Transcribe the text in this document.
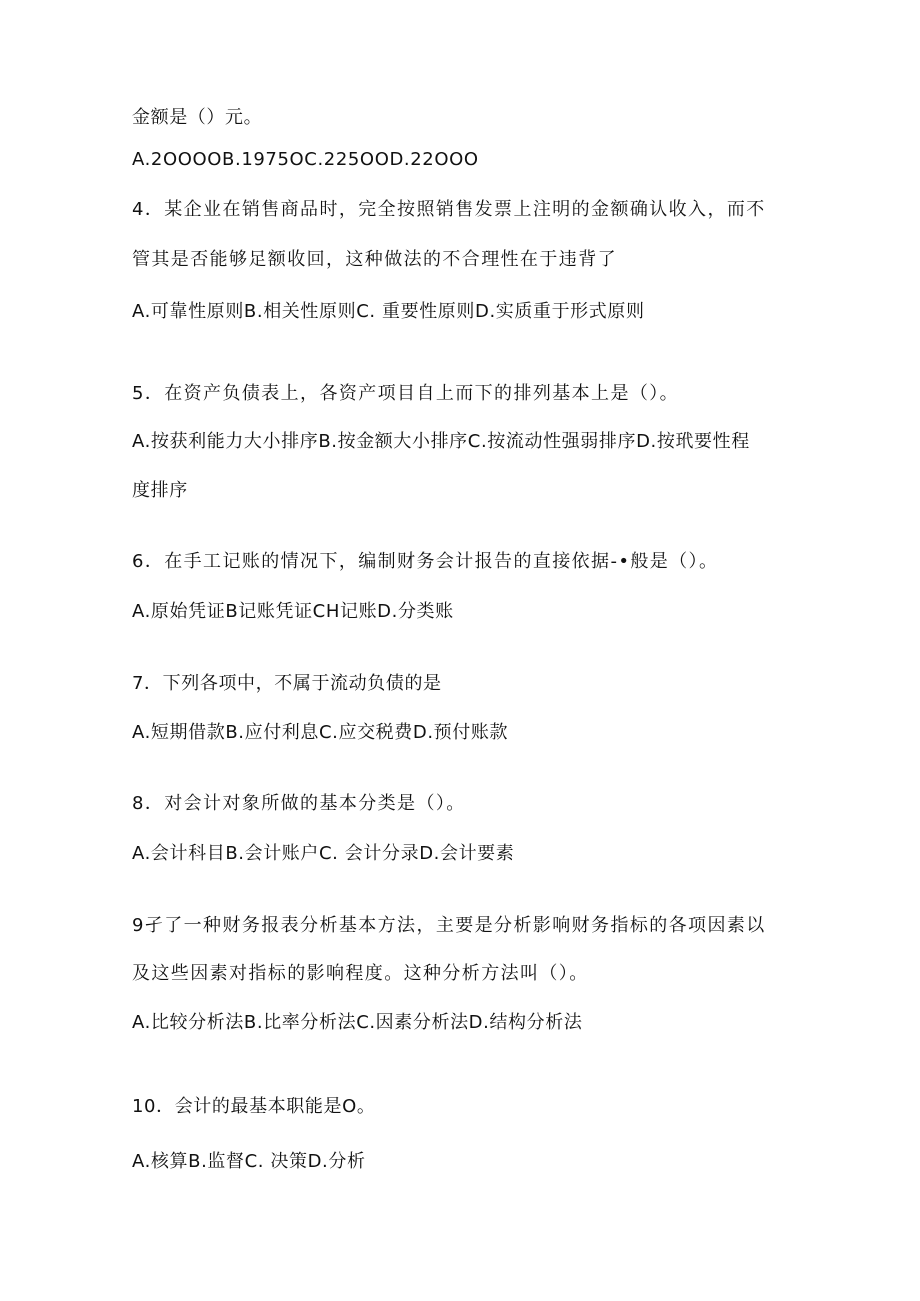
金额是（）元。
A.2OOOOB.1975OC.225OOD.22OOO
4．某企业在销售商品时，完全按照销售发票上注明的金额确认收入，而不
管其是否能够足额收回，这种做法的不合理性在于违背了
A.可靠性原则B.相关性原则C. 重要性原则D.实质重于形式原则
5．在资产负债表上，各资产项目自上而下的排列基本上是（）。
A.按获利能力大小排序B.按金额大小排序C.按流动性强弱排序D.按玳要性程
度排序
6．在手工记账的情况下，编制财务会计报告的直接依据-•般是（）。
A.原始凭证B记账凭证CH记账D.分类账
7．下列各项中，不属于流动负债的是
A.短期借款B.应付利息C.应交税费D.预付账款
8．对会计对象所做的基本分类是（）。
A.会计科目B.会计账户C. 会计分录D.会计要素
9孑了一种财务报表分析基本方法，主要是分析影响财务指标的各项因素以
及这些因素对指标的影响程度。这种分析方法叫（）。
A.比较分析法B.比率分析法C.因素分析法D.结构分析法
10．会计的最基本职能是O。
A.核算B.监督C. 决策D.分析
